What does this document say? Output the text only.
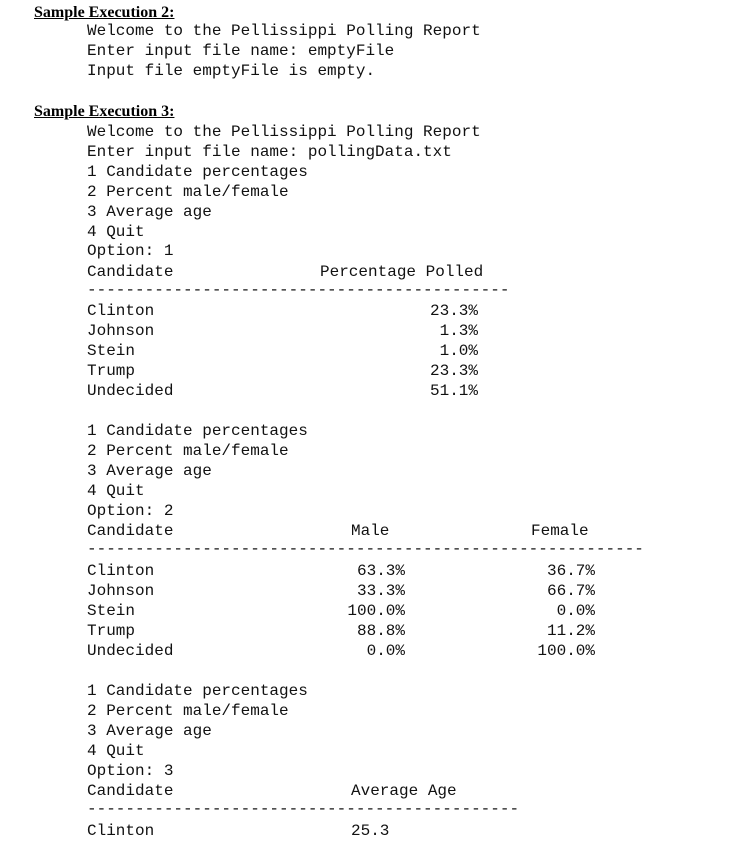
Sample Execution 2:
Welcome to the Pellissippi Polling Report
Enter input file name: emptyFile
Input file emptyFile is empty.
Sample Execution 3:
Welcome to the Pellissippi Polling Report
Enter input file name: pollingData.txt
1 Candidate percentages
2 Percent male/female
3 Average age
4 Quit
Option: 1
Candidate	Percentage Polled
--------------------------------------------
Clinton	23.3%
Johnson	1.3%
Stein	1.0%
Trump	23.3%
Undecided	51.1%
1 Candidate percentages
2 Percent male/female
3 Average age
4 Quit
Option: 2
Candidate	Male	Female
----------------------------------------------------------
Clinton	63.3%	36.7%
Johnson	33.3%	66.7%
Stein	100.0%	0.0%
Trump	88.8%	11.2%
Undecided	0.0%	100.0%
1 Candidate percentages
2 Percent male/female
3 Average age
4 Quit
Option: 3
Candidate	Average Age
---------------------------------------------
Clinton	25.3
